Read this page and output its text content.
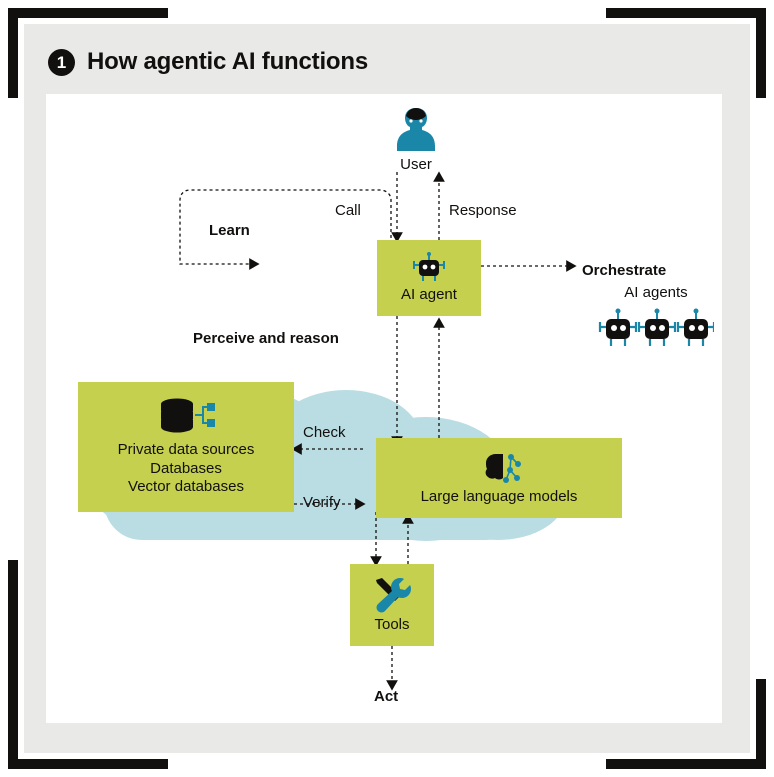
1 How agentic AI functions
User
Call	Response
Learn
Orchestrate
Perceive and reason
Check
Verify
Act
AI agent	AI agents
Private data sources
Databases
Vector databases
Large language models
Tools
